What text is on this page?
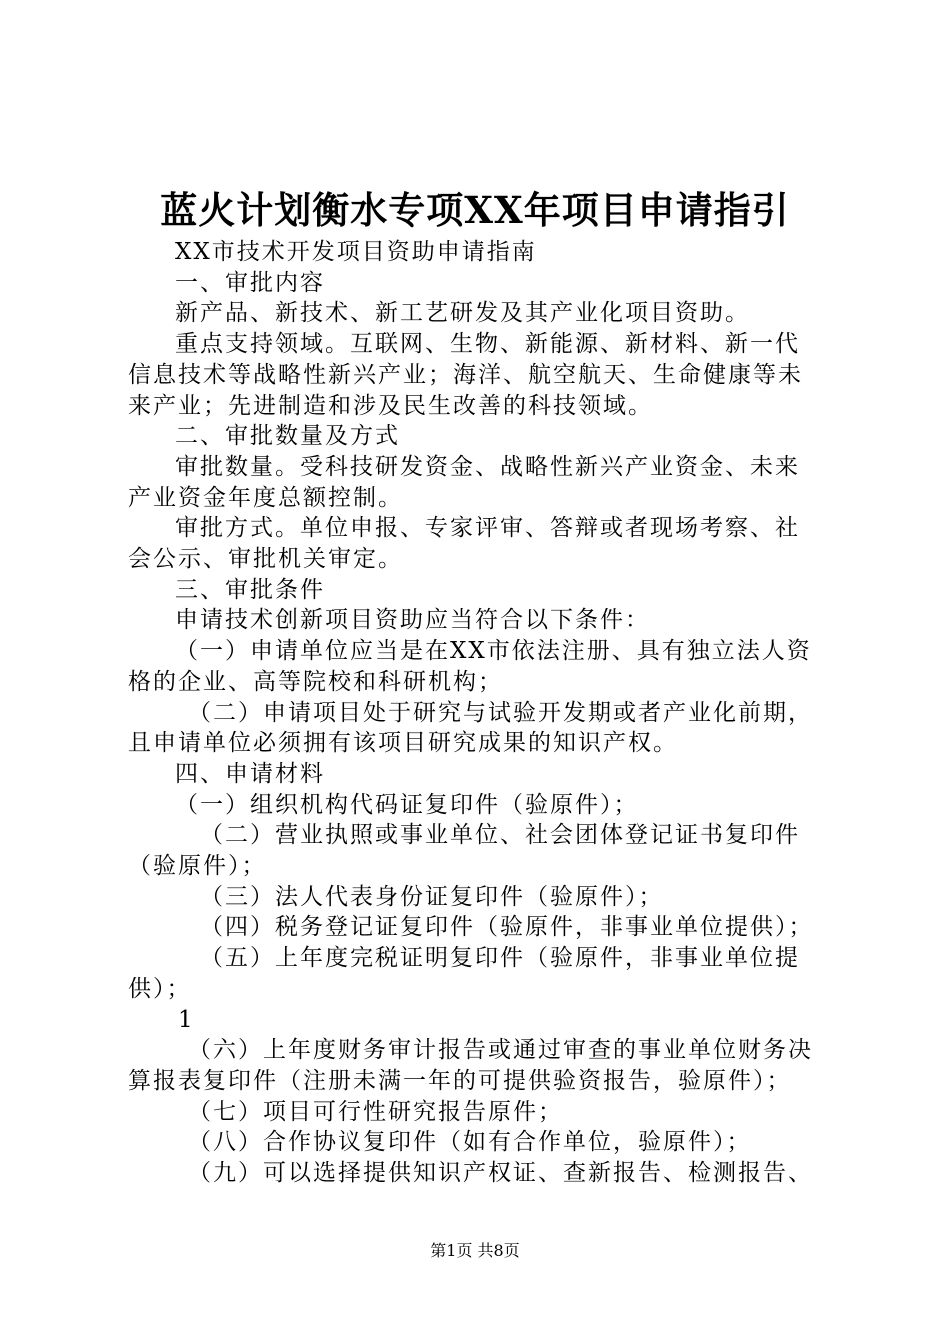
蓝火计划衡水专项XX年项目申请指引

XX市技术开发项目资助申请指南

一、审批内容

新产品、新技术、新工艺研发及其产业化项目资助。

重点支持领域。互联网、生物、新能源、新材料、新一代

信息技术等战略性新兴产业；海洋、航空航天、生命健康等未

来产业；先进制造和涉及民生改善的科技领域。

二、审批数量及方式

审批数量。受科技研发资金、战略性新兴产业资金、未来

产业资金年度总额控制。

审批方式。单位申报、专家评审、答辩或者现场考察、社

会公示、审批机关审定。

三、审批条件

申请技术创新项目资助应当符合以下条件：

（一）申请单位应当是在XX市依法注册、具有独立法人资

格的企业、高等院校和科研机构；

（二）申请项目处于研究与试验开发期或者产业化前期，

且申请单位必须拥有该项目研究成果的知识产权。

四、申请材料

（一）组织机构代码证复印件（验原件）；

（二）营业执照或事业单位、社会团体登记证书复印件

（验原件）；

（三）法人代表身份证复印件（验原件）；

（四）税务登记证复印件（验原件，非事业单位提供）；

（五）上年度完税证明复印件（验原件，非事业单位提

供）；

1

（六）上年度财务审计报告或通过审查的事业单位财务决

算报表复印件（注册未满一年的可提供验资报告，验原件）；

（七）项目可行性研究报告原件；

（八）合作协议复印件（如有合作单位，验原件）；

（九）可以选择提供知识产权证、查新报告、检测报告、

第1页 共8页
